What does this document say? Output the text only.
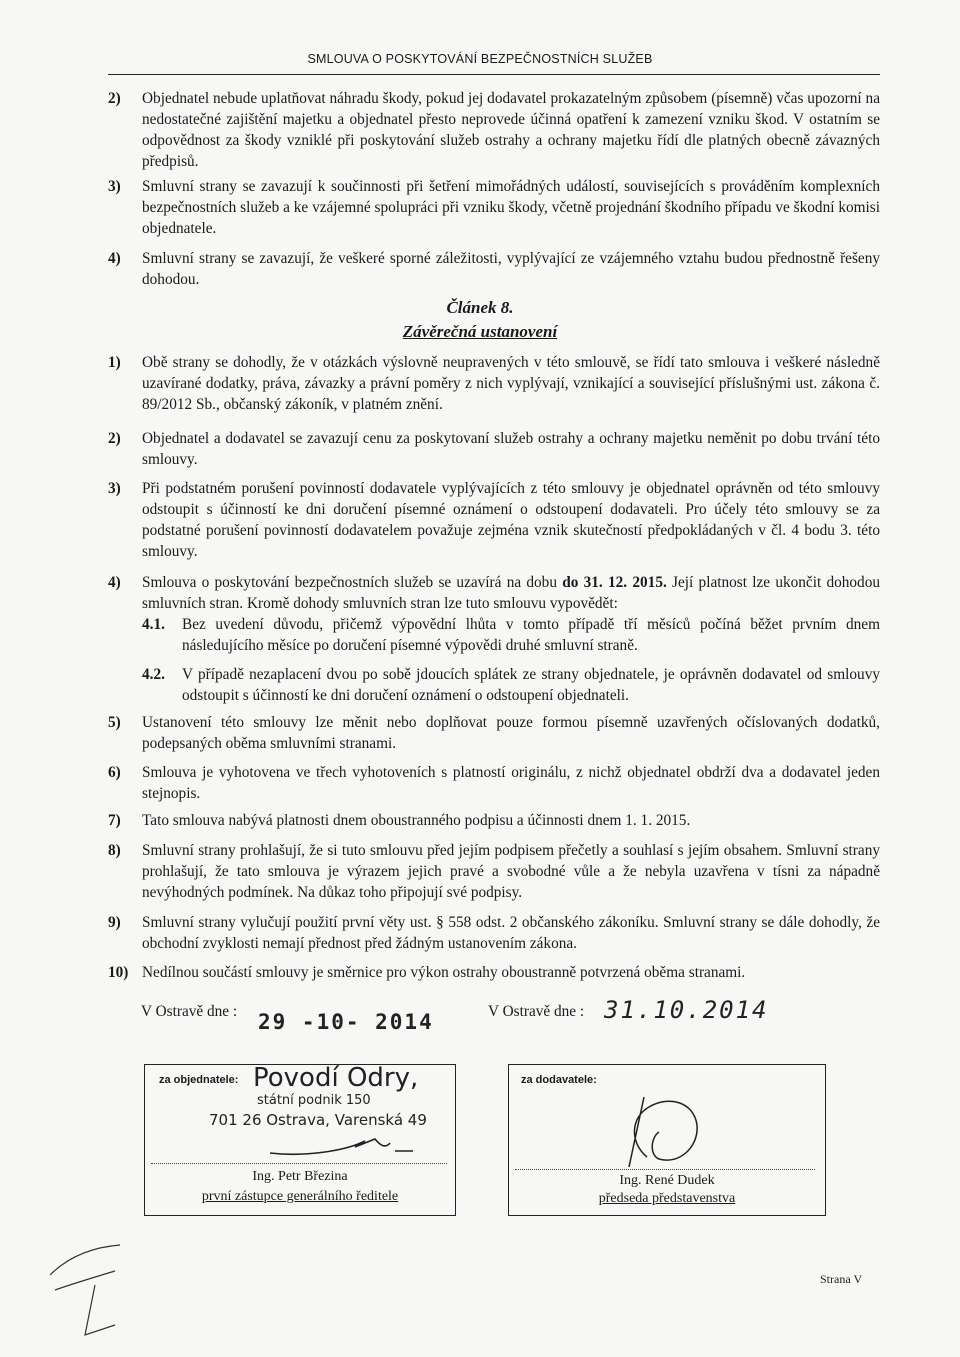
SMLOUVA O POSKYTOVÁNÍ BEZPEČNOSTNÍCH SLUŽEB
2)	Objednatel nebude uplatňovat náhradu škody, pokud jej dodavatel prokazatelným způsobem (písemně) včas upozorní na nedostatečné zajištění majetku a objednatel přesto neprovede účinná opatření k zamezení vzniku škod. V ostatním se odpovědnost za škody vzniklé při poskytování služeb ostrahy a ochrany majetku řídí dle platných obecně závazných předpisů.
3)	Smluvní strany se zavazují k součinnosti při šetření mimořádných událostí, souvisejících s prováděním komplexních bezpečnostních služeb a ke vzájemné spolupráci při vzniku škody, včetně projednání škodního případu ve škodní komisi objednatele.
4)	Smluvní strany se zavazují, že veškeré sporné záležitosti, vyplývající ze vzájemného vztahu budou přednostně řešeny dohodou.
Článek 8.
Závěrečná ustanovení
1)	Obě strany se dohodly, že v otázkách výslovně neupravených v této smlouvě, se řídí tato smlouva i veškeré následně uzavírané dodatky, práva, závazky a právní poměry z nich vyplývají, vznikající a související příslušnými ust. zákona č. 89/2012 Sb., občanský zákoník, v platném znění.
2)	Objednatel a dodavatel se zavazují cenu za poskytovaní služeb ostrahy a ochrany majetku neměnit po dobu trvání této smlouvy.
3)	Při podstatném porušení povinností dodavatele vyplývajících z této smlouvy je objednatel oprávněn od této smlouvy odstoupit s účinností ke dni doručení písemné oznámení o odstoupení dodavateli. Pro účely této smlouvy se za podstatné porušení povinností dodavatelem považuje zejména vznik skutečností předpokládaných v čl. 4 bodu 3. této smlouvy.
4)	Smlouva o poskytování bezpečnostních služeb se uzavírá na dobu do 31. 12. 2015. Její platnost lze ukončit dohodou smluvních stran. Kromě dohody smluvních stran lze tuto smlouvu vypovědět:
4.1.	Bez uvedení důvodu, přičemž výpovědní lhůta v tomto případě tří měsíců počíná běžet prvním dnem následujícího měsíce po doručení písemné výpovědi druhé smluvní straně.
4.2.	V případě nezaplacení dvou po sobě jdoucích splátek ze strany objednatele, je oprávněn dodavatel od smlouvy odstoupit s účinností ke dni doručení oznámení o odstoupení objednateli.
5)	Ustanovení této smlouvy lze měnit nebo doplňovat pouze formou písemně uzavřených očíslovaných dodatků, podepsaných oběma smluvními stranami.
6)	Smlouva je vyhotovena ve třech vyhotoveních s platností originálu, z nichž objednatel obdrží dva a dodavatel jeden stejnopis.
7)	Tato smlouva nabývá platnosti dnem oboustranného podpisu a účinnosti dnem 1. 1. 2015.
8)	Smluvní strany prohlašují, že si tuto smlouvu před jejím podpisem přečetly a souhlasí s jejím obsahem. Smluvní strany prohlašují, že tato smlouva je výrazem jejich pravé a svobodné vůle a že nebyla uzavřena v tísni za nápadně nevýhodných podmínek. Na důkaz toho připojují své podpisy.
9)	Smluvní strany vylučují použití první věty ust. § 558 odst. 2 občanského zákoníku. Smluvní strany se dále dohodly, že obchodní zvyklosti nemají přednost před žádným ustanovením zákona.
10) Nedílnou součástí smlouvy je směrnice pro výkon ostrahy oboustranně potvrzená oběma stranami.
V Ostravě dne : 29 -10- 2014	V Ostravě dne : 31.10.2014
za objednatele: Povodí Odry,
státní podnik 150
701 26 Ostrava, Varenská 49
Ing. Petr Březina
první zástupce generálního ředitele
za dodavatele:
Ing. René Dudek
předseda představenstva
Strana V
